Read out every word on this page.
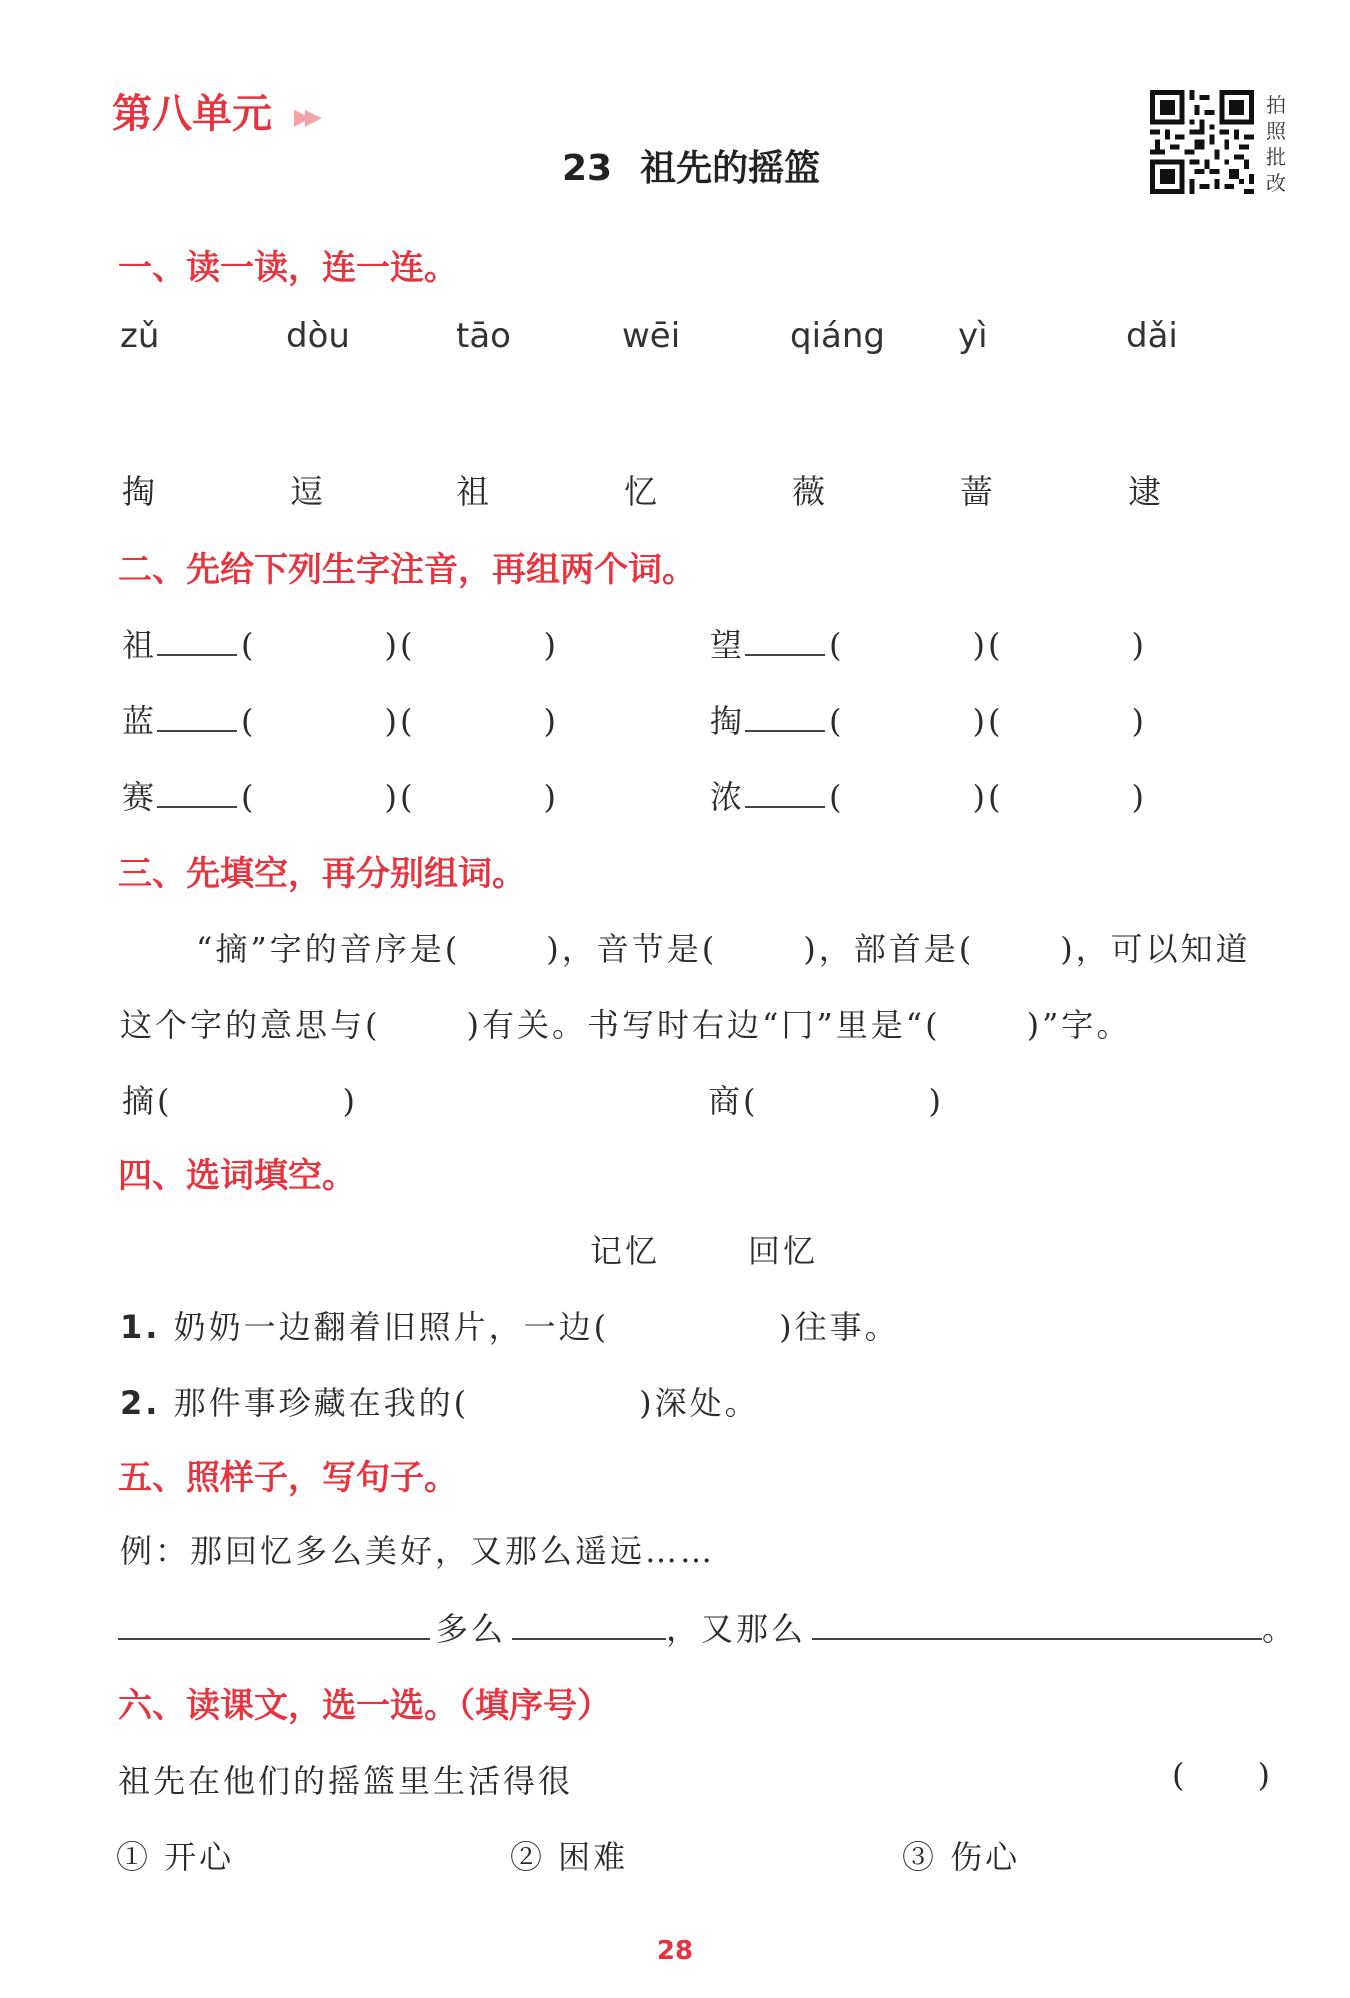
第八单元 ▶▶
23 祖先的摇篮
拍照批改
一、读一读，连一连。
zǔ	dòu	tāo	wēi	qiáng yì	dǎi
掏	逗	祖	忆	薇	蔷	逮
二、先给下列生字注音，再组两个词。
祖	(	)(	)	望	(	)(	)
蓝	(	)(	)	掏	(	)(	)
赛	(	)(	)	浓	(	)(	)
三、先填空，再分别组词。
“摘”字的音序是(	)，音节是(	)，部首是(	)，可以知道
这个字的意思与(	)有关。书写时右边“冂”里是“(	)”字。
摘(	)	商(	)
四、选词填空。
记忆	回忆
1. 奶奶一边翻着旧照片，一边(	)往事。
2. 那件事珍藏在我的(	)深处。
五、照样子，写句子。
例：那回忆多么美好，又那么遥远……
多么	，又那么	。
六、读课文，选一选。（填序号）
祖先在他们的摇篮里生活得很	( )
① 开心	② 困难	③ 伤心
28
